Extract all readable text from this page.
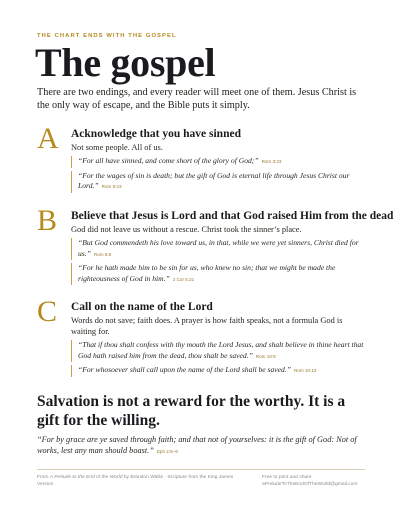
THE CHART ENDS WITH THE GOSPEL
The gospel
There are two endings, and every reader will meet one of them. Jesus Christ is the only way of escape, and the Bible puts it simply.
A Acknowledge that you have sinned
Not some people. All of us.
“For all have sinned, and come short of the glory of God;” Rom 3:23
“For the wages of sin is death; but the gift of God is eternal life through Jesus Christ our Lord.” Rom 6:23
B Believe that Jesus is Lord and that God raised Him from the dead
God did not leave us without a rescue. Christ took the sinner’s place.
“But God commendeth his love toward us, in that, while we were yet sinners, Christ died for us.” Rom 5:8
“For he hath made him to be sin for us, who knew no sin; that we might be made the righteousness of God in him.” 2 Cor 5:21
C Call on the name of the Lord
Words do not save; faith does. A prayer is how faith speaks, not a formula God is waiting for.
“That if thou shalt confess with thy mouth the Lord Jesus, and shalt believe in thine heart that God hath raised him from the dead, thou shalt be saved.” Rom 10:9
“For whosoever shall call upon the name of the Lord shall be saved.” Rom 10:13
Salvation is not a reward for the worthy. It is a gift for the willing.
“For by grace are ye saved through faith; and that not of yourselves: it is the gift of God: Not of works, lest any man should boast.” Eph 2:8–9
From A Prelude to the End of the World by Brandon Wallis · Scripture from the King James Version
Free to print and share
aPreludeToTheEndOfTheWorld@gmail.com
